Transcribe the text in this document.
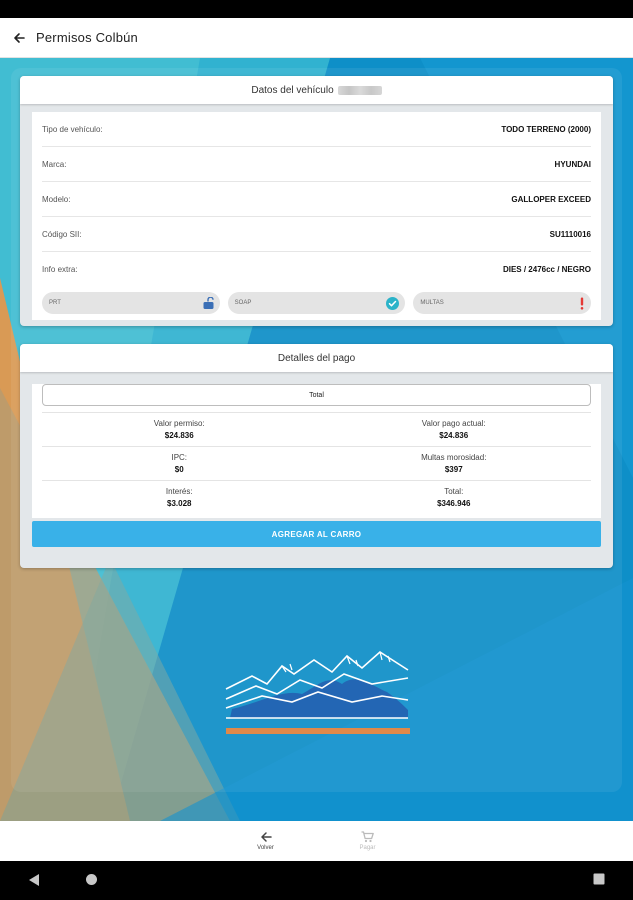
Permisos Colbún
Datos del vehículo
Tipo de vehículo:	TODO TERRENO (2000)
Marca:	HYUNDAI
Modelo:	GALLOPER EXCEED
Código SII:	SU1110016
Info extra:	DIES / 2476cc / NEGRO
PRT	SOAP	MULTAS
Detalles del pago
Total
Valor permiso:
$24.836
Valor pago actual:
$24.836
IPC:
$0
Multas morosidad:
$397
Interés:
$3.028
Total:
$346.946
AGREGAR AL CARRO
Volver	Pagar
